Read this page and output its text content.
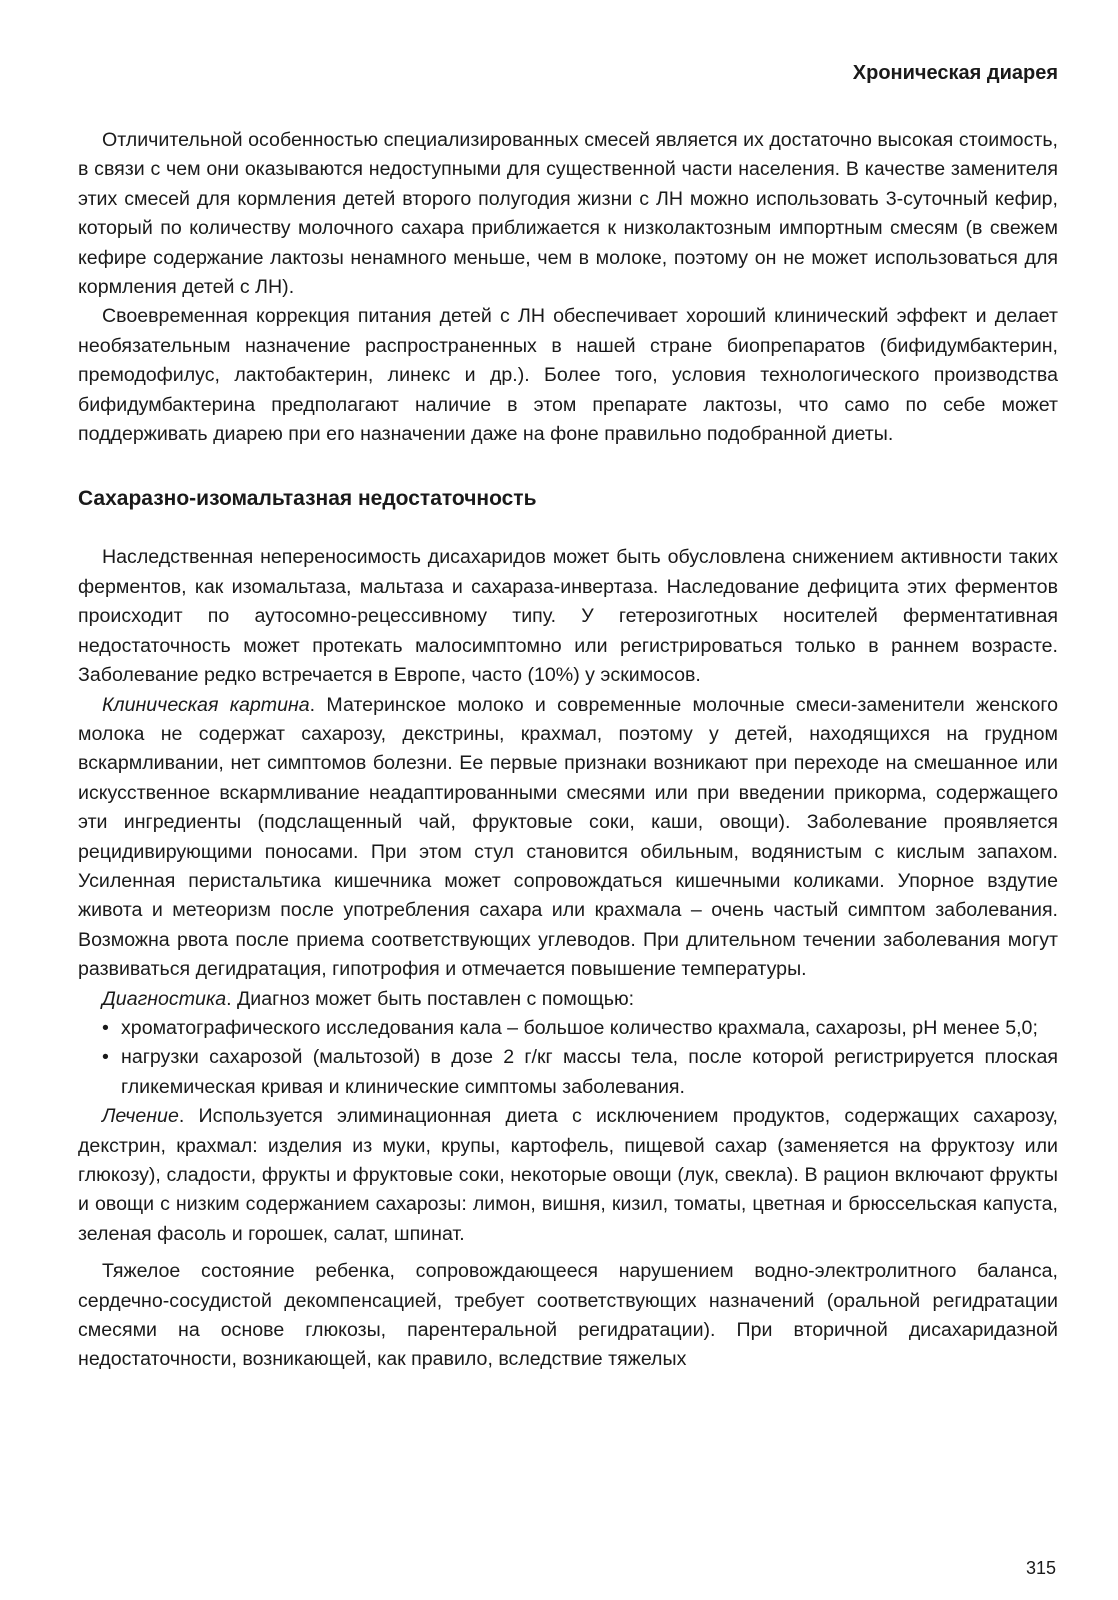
Хроническая диарея

Отличительной особенностью специализированных смесей является их достаточно высокая стоимость, в связи с чем они оказываются недоступными для существенной части населения. В качестве заменителя этих смесей для кормления детей второго полугодия жизни с ЛН можно использовать 3-суточный кефир, который по количеству молочного сахара приближается к низколактозным импортным смесям (в свежем кефире содержание лактозы ненамного меньше, чем в молоке, поэтому он не может использоваться для кормления детей с ЛН).

Своевременная коррекция питания детей с ЛН обеспечивает хороший клинический эффект и делает необязательным назначение распространенных в нашей стране биопрепаратов (бифидумбактерин, премодофилус, лактобактерин, линекс и др.). Более того, условия технологического производства бифидумбактерина предполагают наличие в этом препарате лактозы, что само по себе может поддерживать диарею при его назначении даже на фоне правильно подобранной диеты.

Сахаразно-изомальтазная недостаточность

Наследственная непереносимость дисахаридов может быть обусловлена снижением активности таких ферментов, как изомальтаза, мальтаза и сахараза-инвертаза. Наследование дефицита этих ферментов происходит по аутосомно-рецессивному типу. У гетерозиготных носителей ферментативная недостаточность может протекать малосимптомно или регистрироваться только в раннем возрасте. Заболевание редко встречается в Европе, часто (10%) у эскимосов.

Клиническая картина. Материнское молоко и современные молочные смеси-заменители женского молока не содержат сахарозу, декстрины, крахмал, поэтому у детей, находящихся на грудном вскармливании, нет симптомов болезни. Ее первые признаки возникают при переходе на смешанное или искусственное вскармливание неадаптированными смесями или при введении прикорма, содержащего эти ингредиенты (подслащенный чай, фруктовые соки, каши, овощи). Заболевание проявляется рецидивирующими поносами. При этом стул становится обильным, водянистым с кислым запахом. Усиленная перистальтика кишечника может сопровождаться кишечными коликами. Упорное вздутие живота и метеоризм после употребления сахара или крахмала – очень частый симптом заболевания. Возможна рвота после приема соответствующих углеводов. При длительном течении заболевания могут развиваться дегидратация, гипотрофия и отмечается повышение температуры.

Диагностика. Диагноз может быть поставлен с помощью:

• хроматографического исследования кала – большое количество крахмала, сахарозы, pH менее 5,0;
• нагрузки сахарозой (мальтозой) в дозе 2 г/кг массы тела, после которой регистрируется плоская гликемическая кривая и клинические симптомы заболевания.

Лечение. Используется элиминационная диета с исключением продуктов, содержащих сахарозу, декстрин, крахмал: изделия из муки, крупы, картофель, пищевой сахар (заменяется на фруктозу или глюкозу), сладости, фрукты и фруктовые соки, некоторые овощи (лук, свекла). В рацион включают фрукты и овощи с низким содержанием сахарозы: лимон, вишня, кизил, томаты, цветная и брюссельская капуста, зеленая фасоль и горошек, салат, шпинат.

Тяжелое состояние ребенка, сопровождающееся нарушением водно-электролитного баланса, сердечно-сосудистой декомпенсацией, требует соответствующих назначений (оральной регидратации смесями на основе глюкозы, парентеральной регидратации). При вторичной дисахаридазной недостаточности, возникающей, как правило, вследствие тяжелых

315
